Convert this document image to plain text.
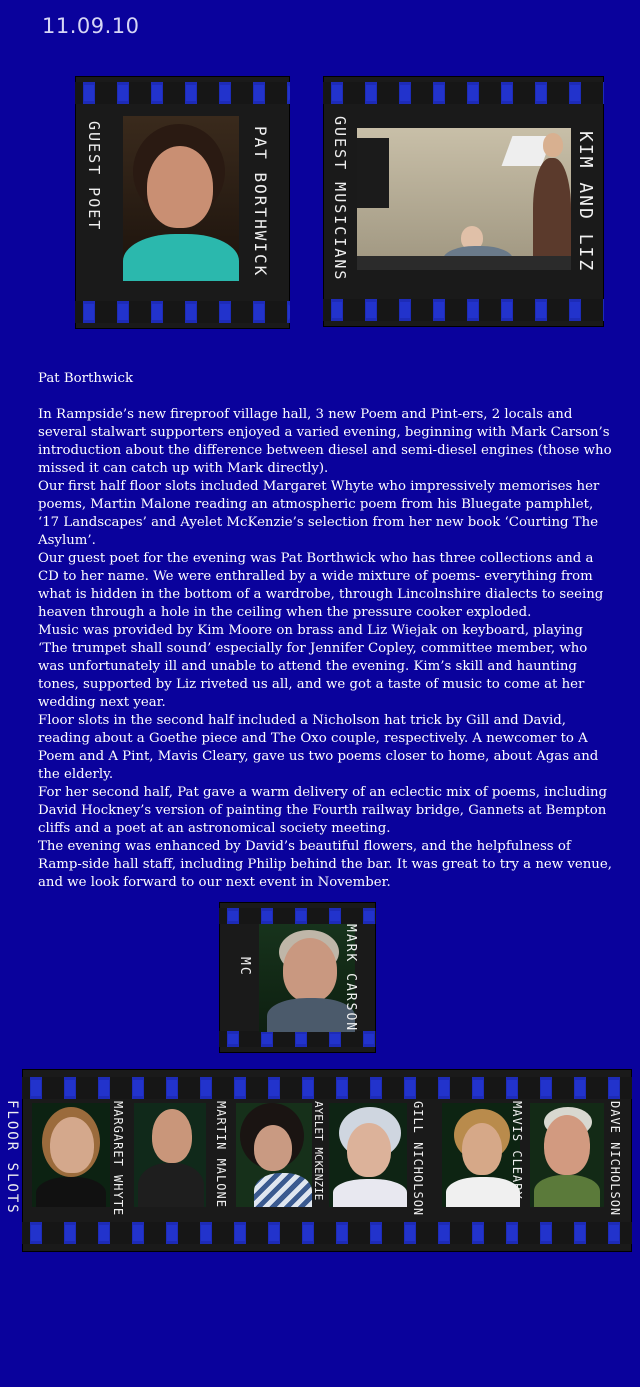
11.09.10
GUEST POET	PAT BORTHWICK	GUEST MUSICIANS	KIM AND LIZ

Pat Borthwick

In Rampside’s new fireproof village hall, 3 new Poem and Pint-ers, 2 locals and several stalwart supporters enjoyed a varied evening, beginning with Mark Carson’s introduction about the difference between diesel and semi-diesel engines (those who missed it can catch up with Mark directly).

Our first half floor slots included Margaret Whyte who impressively memorises her poems, Martin Malone reading an atmospheric poem from his Bluegate pamphlet, ‘17 Landscapes’ and Ayelet McKenzie’s selection from her new book ‘Courting The Asylum’.

Our guest poet for the evening was Pat Borthwick who has three collections and a CD to her name. We were enthralled by a wide mixture of poems- everything from what is hidden in the bottom of a wardrobe, through Lincolnshire dialects to seeing heaven through a hole in the ceiling when the pressure cooker exploded.

Music was provided by Kim Moore on brass and Liz Wiejak on keyboard, playing ‘The trumpet shall sound’ especially for Jennifer Copley, committee member, who was unfortunately ill and unable to attend the evening. Kim’s skill and haunting tones, supported by Liz riveted us all, and we got a taste of music to come at her wedding next year.

Floor slots in the second half included a Nicholson hat trick by Gill and David, reading about a Goethe piece and The Oxo couple, respectively. A newcomer to A Poem and A Pint, Mavis Cleary, gave us two poems closer to home, about Agas and the elderly.

For her second half, Pat gave a warm delivery of an eclectic mix of poems, including David Hockney’s version of painting the Fourth railway bridge, Gannets at Bempton cliffs and a poet at an astronomical society meeting.

The evening was enhanced by David’s beautiful flowers, and the helpfulness of Ramp-side hall staff, including Philip behind the bar. It was great to try a new venue, and we look forward to our next event in November.

MC	MARK CARSON
FLOOR SLOTS	MARGARET WHYTE	MARTIN MALONE	AYELET MCKENZIE	GILL NICHOLSON	MAVIS CLEARY	DAVE NICHOLSON
